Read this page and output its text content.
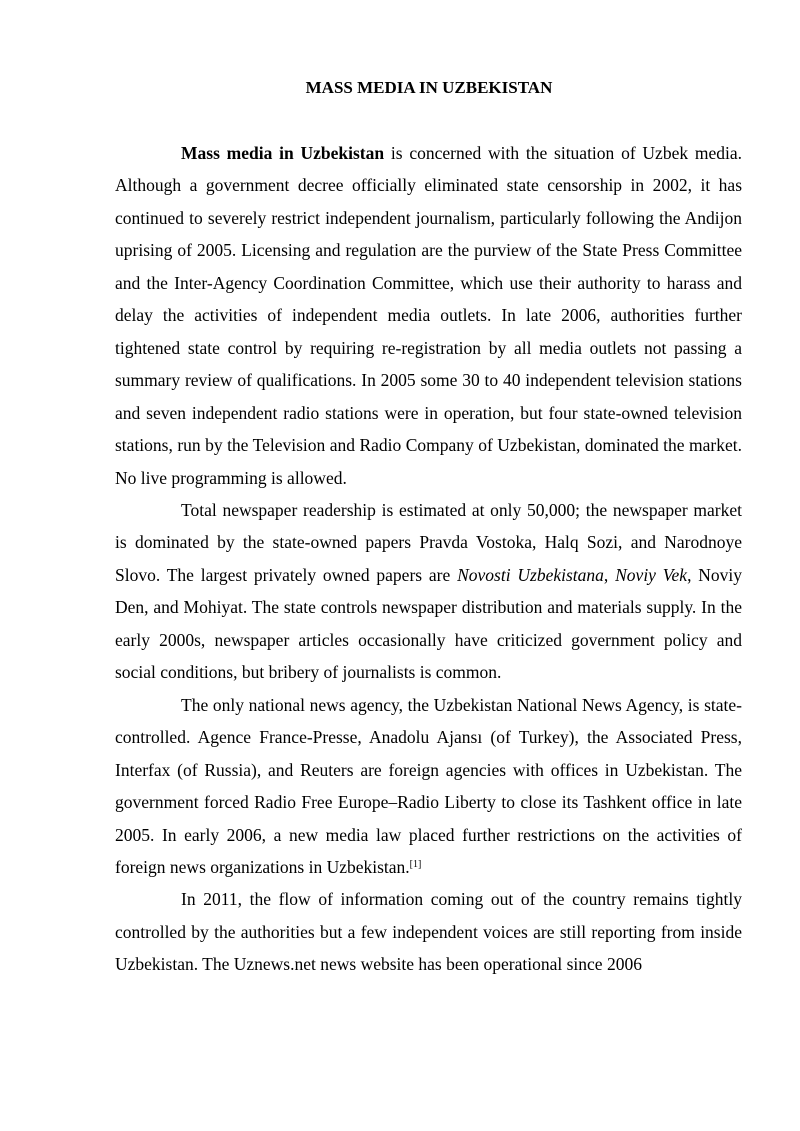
MASS MEDIA IN UZBEKISTAN

Mass media in Uzbekistan is concerned with the situation of Uzbek media. Although a government decree officially eliminated state censorship in 2002, it has continued to severely restrict independent journalism, particularly following the Andijon uprising of 2005. Licensing and regulation are the purview of the State Press Committee and the Inter-Agency Coordination Committee, which use their authority to harass and delay the activities of independent media outlets. In late 2006, authorities further tightened state control by requiring re-registration by all media outlets not passing a summary review of qualifications. In 2005 some 30 to 40 independent television stations and seven independent radio stations were in operation, but four state-owned television stations, run by the Television and Radio Company of Uzbekistan, dominated the market. No live programming is allowed.

Total newspaper readership is estimated at only 50,000; the newspaper market is dominated by the state-owned papers Pravda Vostoka, Halq Sozi, and Narodnoye Slovo. The largest privately owned papers are Novosti Uzbekistana, Noviy Vek, Noviy Den, and Mohiyat. The state controls newspaper distribution and materials supply. In the early 2000s, newspaper articles occasionally have criticized government policy and social conditions, but bribery of journalists is common.

The only national news agency, the Uzbekistan National News Agency, is state-controlled. Agence France-Presse, Anadolu Ajansı (of Turkey), the Associated Press, Interfax (of Russia), and Reuters are foreign agencies with offices in Uzbekistan. The government forced Radio Free Europe–Radio Liberty to close its Tashkent office in late 2005. In early 2006, a new media law placed further restrictions on the activities of foreign news organizations in Uzbekistan.[1]

In 2011, the flow of information coming out of the country remains tightly controlled by the authorities but a few independent voices are still reporting from inside Uzbekistan. The Uznews.net news website has been operational since 2006
